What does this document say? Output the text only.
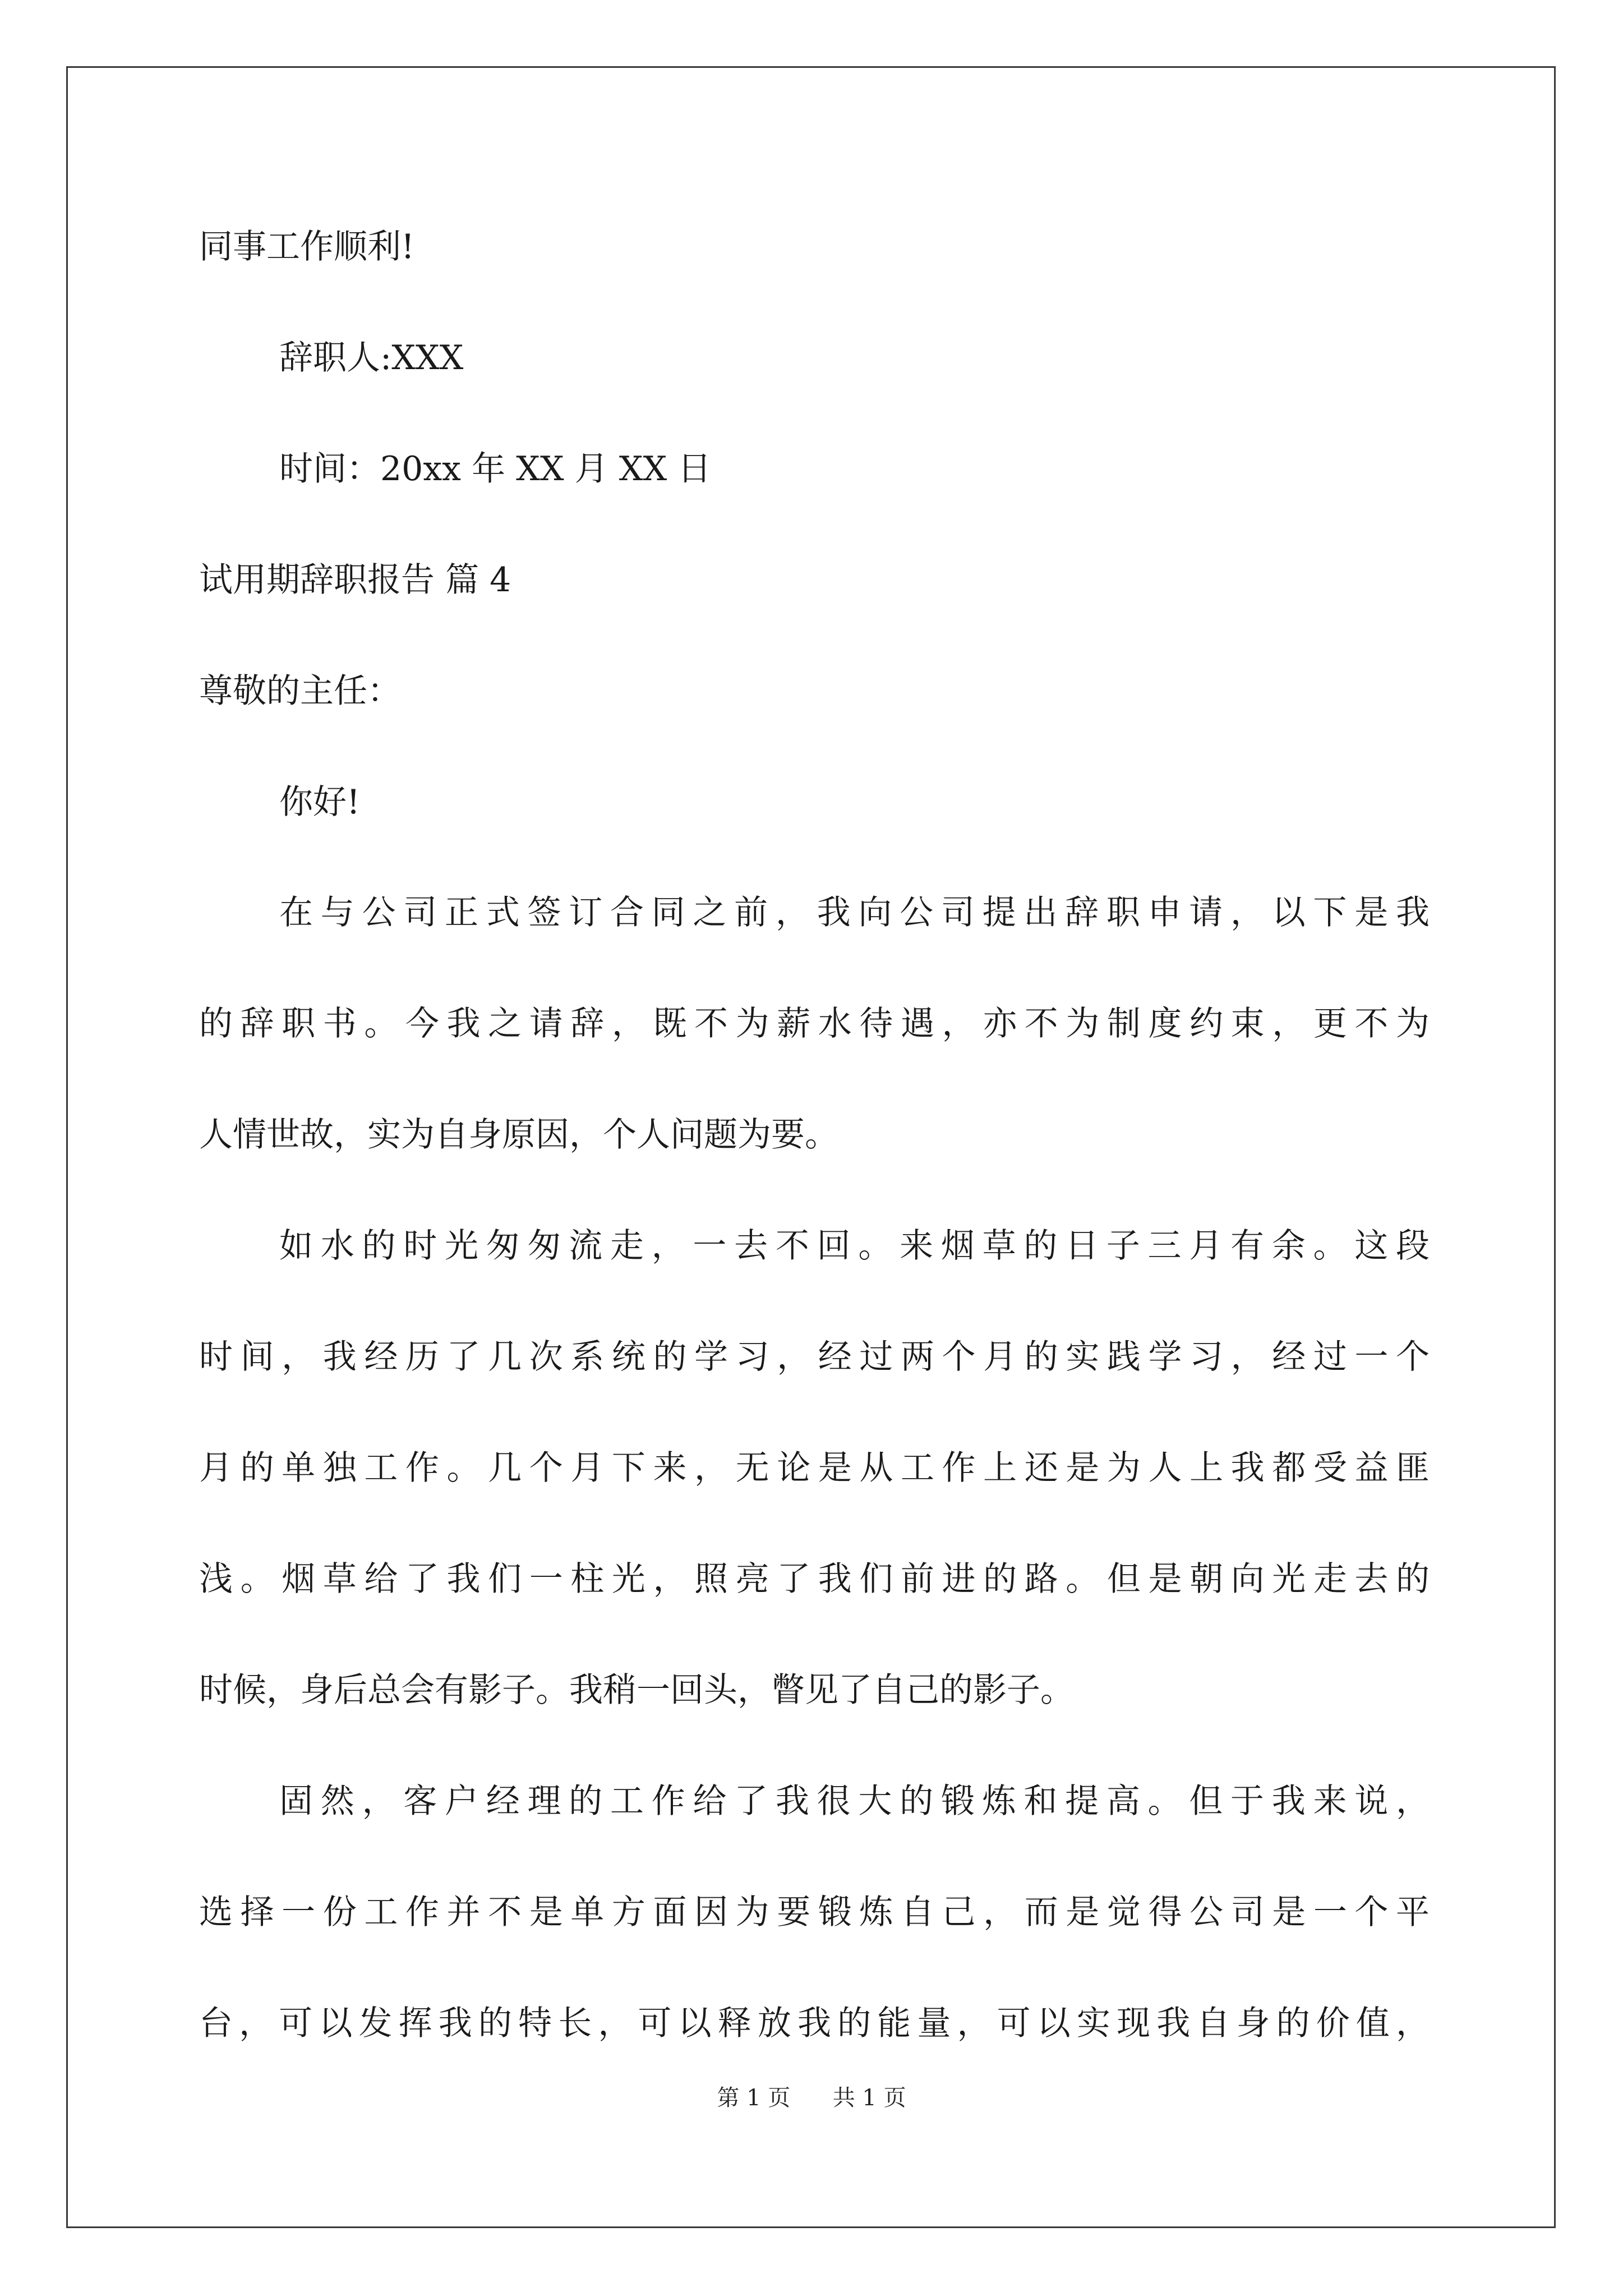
同事工作顺利!
辞职人:XXX
时间：20xx 年 XX 月 XX 日
试用期辞职报告 篇 4
尊敬的主任：
你好!
在与公司正式签订合同之前，我向公司提出辞职申请，以下是我
的辞职书。今我之请辞，既不为薪水待遇，亦不为制度约束，更不为
人情世故，实为自身原因，个人问题为要。
如水的时光匆匆流走，一去不回。来烟草的日子三月有余。这段
时间，我经历了几次系统的学习，经过两个月的实践学习，经过一个
月的单独工作。几个月下来，无论是从工作上还是为人上我都受益匪
浅。烟草给了我们一柱光，照亮了我们前进的路。但是朝向光走去的
时候，身后总会有影子。我稍一回头，瞥见了自己的影子。
固然，客户经理的工作给了我很大的锻炼和提高。但于我来说，
选择一份工作并不是单方面因为要锻炼自己，而是觉得公司是一个平
台，可以发挥我的特长，可以释放我的能量，可以实现我自身的价值，
第 1 页 共 1 页
